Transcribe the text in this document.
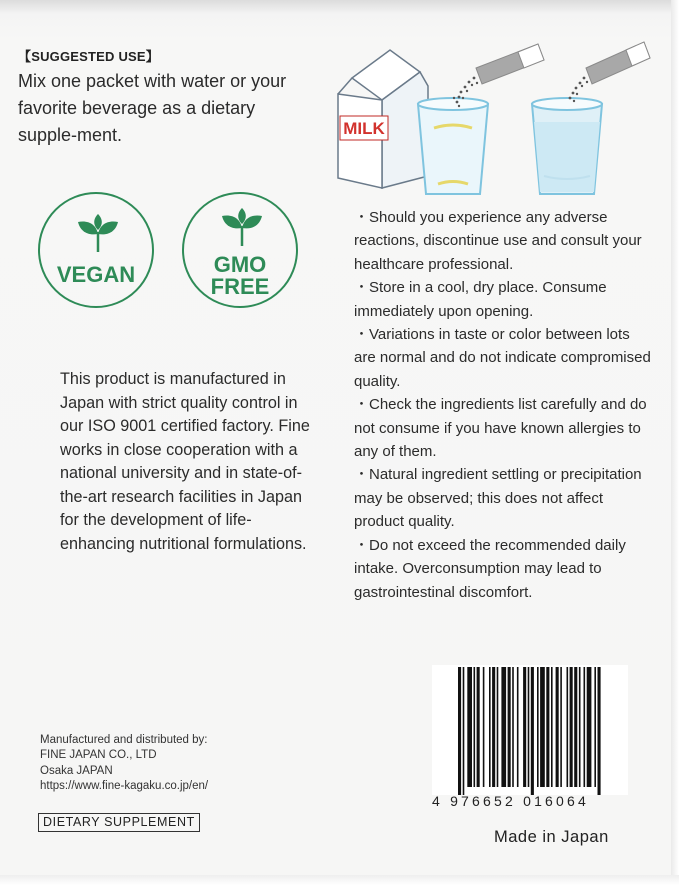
【SUGGESTED USE】
Mix one packet with water or your favorite beverage as a dietary supple-ment.	MILK
VEGAN	GMO
FREE
This product is manufactured in Japan with strict quality control in our ISO 9001 certified factory. Fine works in close cooperation with a national university and in state-of-the-art research facilities in Japan for the development of life-enhancing nutritional formulations.
・Should you experience any adverse reactions, discontinue use and consult your healthcare professional.
・Store in a cool, dry place. Consume immediately upon opening.
・Variations in taste or color between lots are normal and do not indicate compromised quality.
・Check the ingredients list carefully and do not consume if you have known allergies to any of them.
・Natural ingredient settling or precipitation may be observed; this does not affect product quality.
・Do not exceed the recommended daily intake. Overconsumption may lead to gastrointestinal discomfort.
Manufactured and distributed by:
FINE JAPAN CO., LTD
Osaka JAPAN
https://www.fine-kagaku.co.jp/en/
DIETARY SUPPLEMENT
4 976652 016064
Made in Japan
